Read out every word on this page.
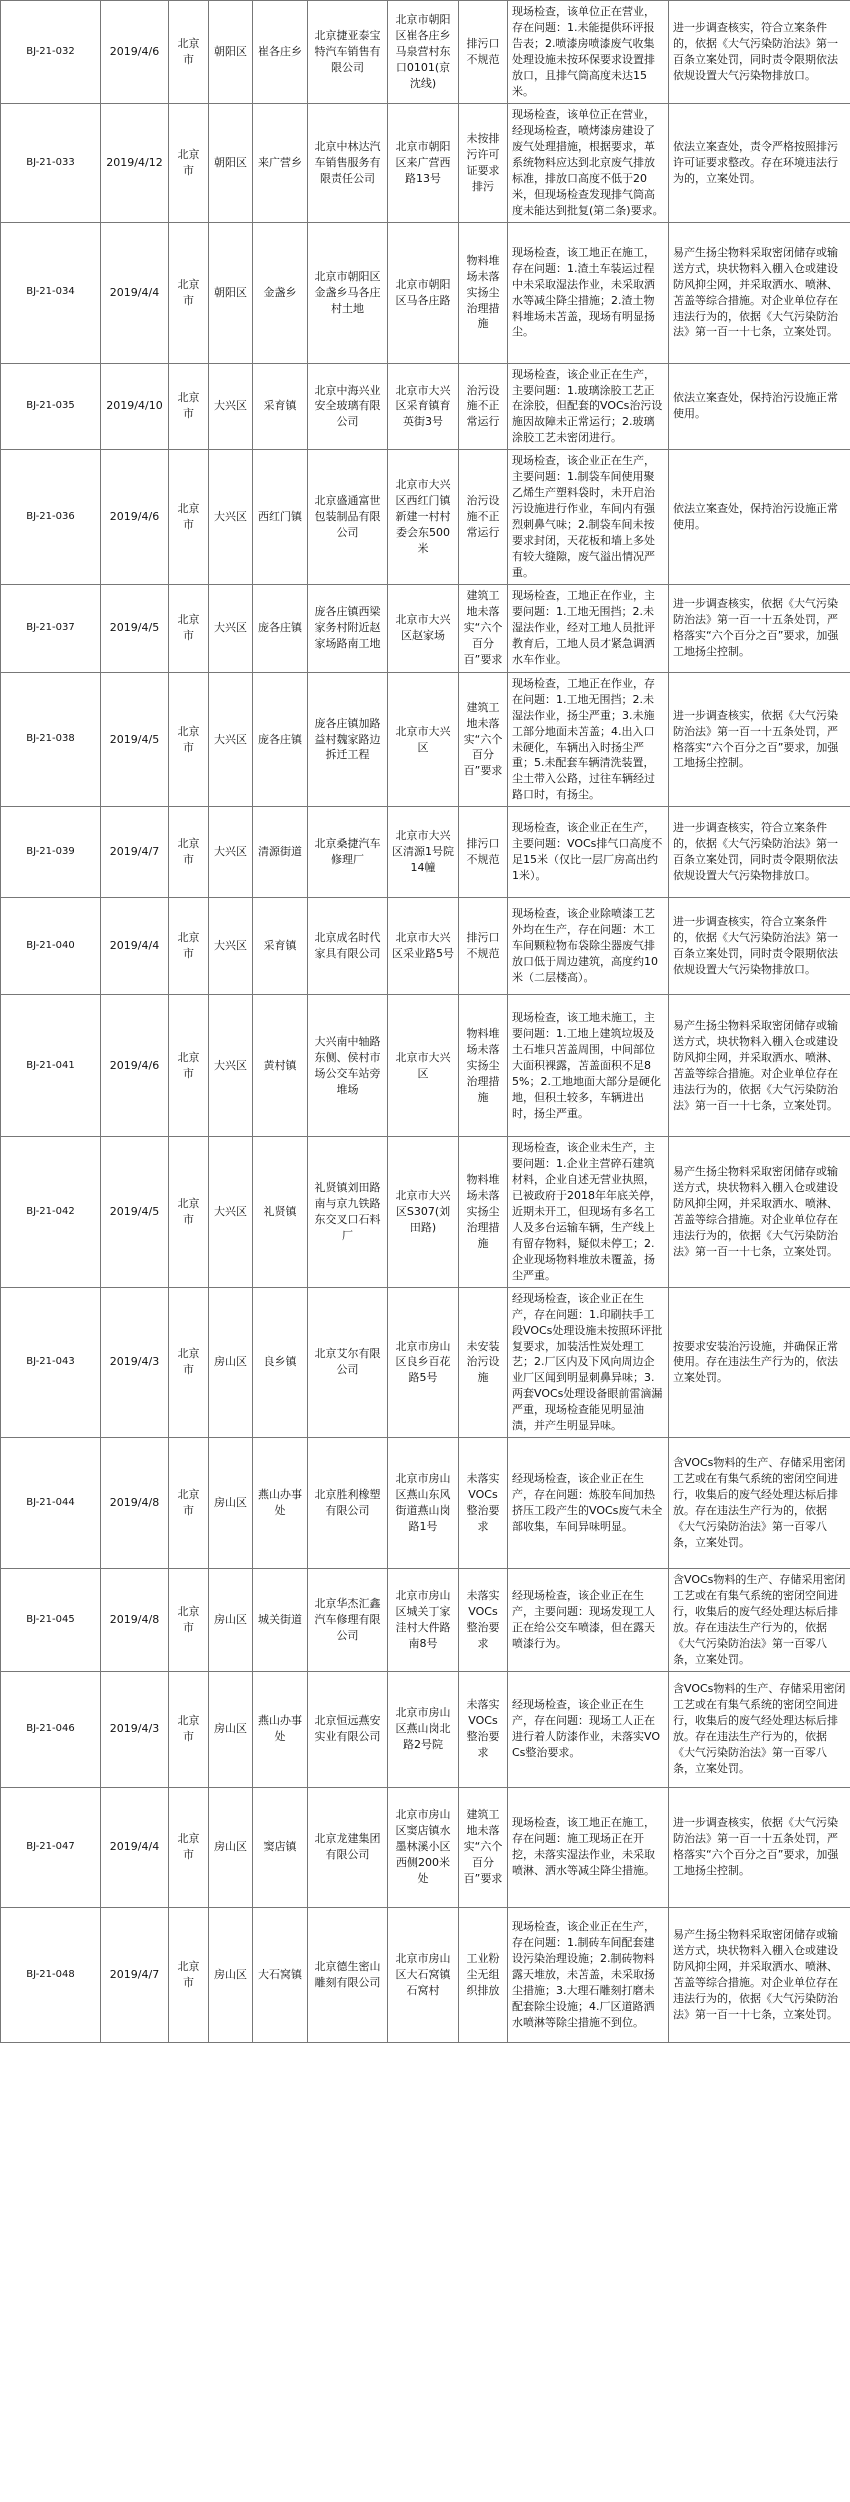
BJ-21-032	2019/4/6	北京市	朝阳区	崔各庄乡	北京捷亚泰宝特汽车销售有限公司	北京市朝阳区崔各庄乡马泉营村东口0101(京沈线)	排污口不规范	现场检查，该单位正在营业，存在问题：1.未能提供环评报告表；2.喷漆房喷漆废气收集处理设施未按环保要求设置排放口，且排气筒高度未达15米。	进一步调查核实，符合立案条件的，依据《大气污染防治法》第一百条立案处罚，同时责令限期依法依规设置大气污染物排放口。
BJ-21-033	2019/4/12	北京市	朝阳区	来广营乡	北京中林达汽车销售服务有限责任公司	北京市朝阳区来广营西路13号	未按排污许可证要求排污	现场检查，该单位正在营业，经现场检查，喷烤漆房建设了废气处理措施，根据要求，革系统物料应达到北京废气排放标准，排放口高度不低于20米，但现场检查发现排气筒高度未能达到批复(第二条)要求。	依法立案查处，责令严格按照排污许可证要求整改。存在环境违法行为的，立案处罚。
BJ-21-034	2019/4/4	北京市	朝阳区	金盏乡	北京市朝阳区金盏乡马各庄村土地	北京市朝阳区马各庄路	物料堆场未落实扬尘治理措施	现场检查，该工地正在施工，存在问题：1.渣土车装运过程中未采取湿法作业，未采取洒水等减尘降尘措施；2.渣土物料堆场未苫盖，现场有明显扬尘。	易产生扬尘物料采取密闭储存或输送方式，块状物料入棚入仓或建设防风抑尘网，并采取洒水、喷淋、苫盖等综合措施。对企业单位存在违法行为的，依据《大气污染防治法》第一百一十七条，立案处罚。
BJ-21-035	2019/4/10	北京市	大兴区	采育镇	北京中海兴业安全玻璃有限公司	北京市大兴区采育镇育英街3号	治污设施不正常运行	现场检查，该企业正在生产，主要问题：1.玻璃涂胶工艺正在涂胶，但配套的VOCs治污设施因故障未正常运行；2.玻璃涂胶工艺未密闭进行。	依法立案查处，保持治污设施正常使用。
BJ-21-036	2019/4/6	北京市	大兴区	西红门镇	北京盛通富世包装制品有限公司	北京市大兴区西红门镇新建一村村委会东500米	治污设施不正常运行	现场检查，该企业正在生产，主要问题：1.制袋车间使用聚乙烯生产塑料袋时，未开启治污设施进行作业，车间内有强烈刺鼻气味；2.制袋车间未按要求封闭，天花板和墙上多处有较大缝隙，废气溢出情况严重。	依法立案查处，保持治污设施正常使用。
BJ-21-037	2019/4/5	北京市	大兴区	庞各庄镇	庞各庄镇西梁家务村附近赵家场路南工地	北京市大兴区赵家场	建筑工地未落实“六个百分百”要求	现场检查，工地正在作业，主要问题：1.工地无围挡；2.未湿法作业，经对工地人员批评教育后，工地人员才紧急调洒水车作业。	进一步调查核实，依据《大气污染防治法》第一百一十五条处罚，严格落实“六个百分之百”要求，加强工地扬尘控制。
BJ-21-038	2019/4/5	北京市	大兴区	庞各庄镇	庞各庄镇加路益村魏家路边拆迁工程	北京市大兴区	建筑工地未落实“六个百分百”要求	现场检查，工地正在作业，存在问题：1.工地无围挡；2.未湿法作业，扬尘严重；3.未施工部分地面未苫盖；4.出入口未硬化，车辆出入时扬尘严重；5.未配套车辆清洗装置，尘土带入公路，过往车辆经过路口时，有扬尘。	进一步调查核实，依据《大气污染防治法》第一百一十五条处罚，严格落实“六个百分之百”要求，加强工地扬尘控制。
BJ-21-039	2019/4/7	北京市	大兴区	清源街道	北京桑捷汽车修理厂	北京市大兴区清源1号院14幢	排污口不规范	现场检查，该企业正在生产，主要问题：VOCs排气口高度不足15米（仅比一层厂房高出约1米）。	进一步调查核实，符合立案条件的，依据《大气污染防治法》第一百条立案处罚，同时责令限期依法依规设置大气污染物排放口。
BJ-21-040	2019/4/4	北京市	大兴区	采育镇	北京成名时代家具有限公司	北京市大兴区采业路5号	排污口不规范	现场检查，该企业除喷漆工艺外均在生产，存在问题：木工车间颗粒物布袋除尘器废气排放口低于周边建筑，高度约10米（二层楼高）。	进一步调查核实，符合立案条件的，依据《大气污染防治法》第一百条立案处罚，同时责令限期依法依规设置大气污染物排放口。
BJ-21-041	2019/4/6	北京市	大兴区	黄村镇	大兴南中轴路东侧、侯村市场公交车站旁堆场	北京市大兴区	物料堆场未落实扬尘治理措施	现场检查，该工地未施工，主要问题：1.工地上建筑垃圾及土石堆只苫盖周围，中间部位大面积裸露，苫盖面积不足85%；2.工地地面大部分是硬化地，但积土较多，车辆进出时，扬尘严重。	易产生扬尘物料采取密闭储存或输送方式，块状物料入棚入仓或建设防风抑尘网，并采取洒水、喷淋、苫盖等综合措施。对企业单位存在违法行为的，依据《大气污染防治法》第一百一十七条，立案处罚。
BJ-21-042	2019/4/5	北京市	大兴区	礼贤镇	礼贤镇刘田路南与京九铁路东交叉口石料厂	北京市大兴区S307(刘田路)	物料堆场未落实扬尘治理措施	现场检查，该企业未生产，主要问题：1.企业主营碎石建筑材料，企业自述无营业执照，已被政府于2018年年底关停，近期未开工，但现场有多名工人及多台运输车辆，生产线上有留存物料，疑似未停工；2.企业现场物料堆放未覆盖，扬尘严重。	易产生扬尘物料采取密闭储存或输送方式，块状物料入棚入仓或建设防风抑尘网，并采取洒水、喷淋、苫盖等综合措施。对企业单位存在违法行为的，依据《大气污染防治法》第一百一十七条，立案处罚。
BJ-21-043	2019/4/3	北京市	房山区	良乡镇	北京艾尔有限公司	北京市房山区良乡百花路5号	未安装治污设施	经现场检查，该企业正在生产，存在问题：1.印刷扶手工段VOCs处理设施未按照环评批复要求，加装活性炭处理工艺；2.厂区内及下风向周边企业厂区闻到明显刺鼻异味；3.两套VOCs处理设备眼前雷滴漏严重，现场检查能见明显油渍，并产生明显异味。	按要求安装治污设施，并确保正常使用。存在违法生产行为的，依法立案处罚。
BJ-21-044	2019/4/8	北京市	房山区	燕山办事处	北京胜利橡塑有限公司	北京市房山区燕山东风街道燕山岗路1号	未落实VOCs整治要求	经现场检查，该企业正在生产，存在问题：炼胶车间加热挤压工段产生的VOCs废气未全部收集，车间异味明显。	含VOCs物料的生产、存储采用密闭工艺或在有集气系统的密闭空间进行，收集后的废气经处理达标后排放。存在违法生产行为的，依据《大气污染防治法》第一百零八条，立案处罚。
BJ-21-045	2019/4/8	北京市	房山区	城关街道	北京华杰汇鑫汽车修理有限公司	北京市房山区城关丁家洼村大件路南8号	未落实VOCs整治要求	经现场检查，该企业正在生产，主要问题：现场发现工人正在给公交车喷漆，但在露天喷漆行为。	含VOCs物料的生产、存储采用密闭工艺或在有集气系统的密闭空间进行，收集后的废气经处理达标后排放。存在违法生产行为的，依据《大气污染防治法》第一百零八条，立案处罚。
BJ-21-046	2019/4/3	北京市	房山区	燕山办事处	北京恒远燕安实业有限公司	北京市房山区燕山岗北路2号院	未落实VOCs整治要求	经现场检查，该企业正在生产，存在问题：现场工人正在进行着人防漆作业，未落实VOCs整治要求。	含VOCs物料的生产、存储采用密闭工艺或在有集气系统的密闭空间进行，收集后的废气经处理达标后排放。存在违法生产行为的，依据《大气污染防治法》第一百零八条，立案处罚。
BJ-21-047	2019/4/4	北京市	房山区	窦店镇	北京龙建集团有限公司	北京市房山区窦店镇水墨林溪小区西侧200米处	建筑工地未落实“六个百分百”要求	现场检查，该工地正在施工，存在问题：施工现场正在开挖，未落实湿法作业，未采取喷淋、洒水等减尘降尘措施。	进一步调查核实，依据《大气污染防治法》第一百一十五条处罚，严格落实“六个百分之百”要求，加强工地扬尘控制。
BJ-21-048	2019/4/7	北京市	房山区	大石窝镇	北京德生密山雕刻有限公司	北京市房山区大石窝镇石窝村	工业粉尘无组织排放	现场检查，该企业正在生产，存在问题：1.制砖车间配套建设污染治理设施；2.制砖物料露天堆放，未苫盖，未采取扬尘措施；3.大理石雕刻打磨未配套除尘设施；4.厂区道路洒水喷淋等除尘措施不到位。	易产生扬尘物料采取密闭储存或输送方式，块状物料入棚入仓或建设防风抑尘网，并采取洒水、喷淋、苫盖等综合措施。对企业单位存在违法行为的，依据《大气污染防治法》第一百一十七条，立案处罚。
